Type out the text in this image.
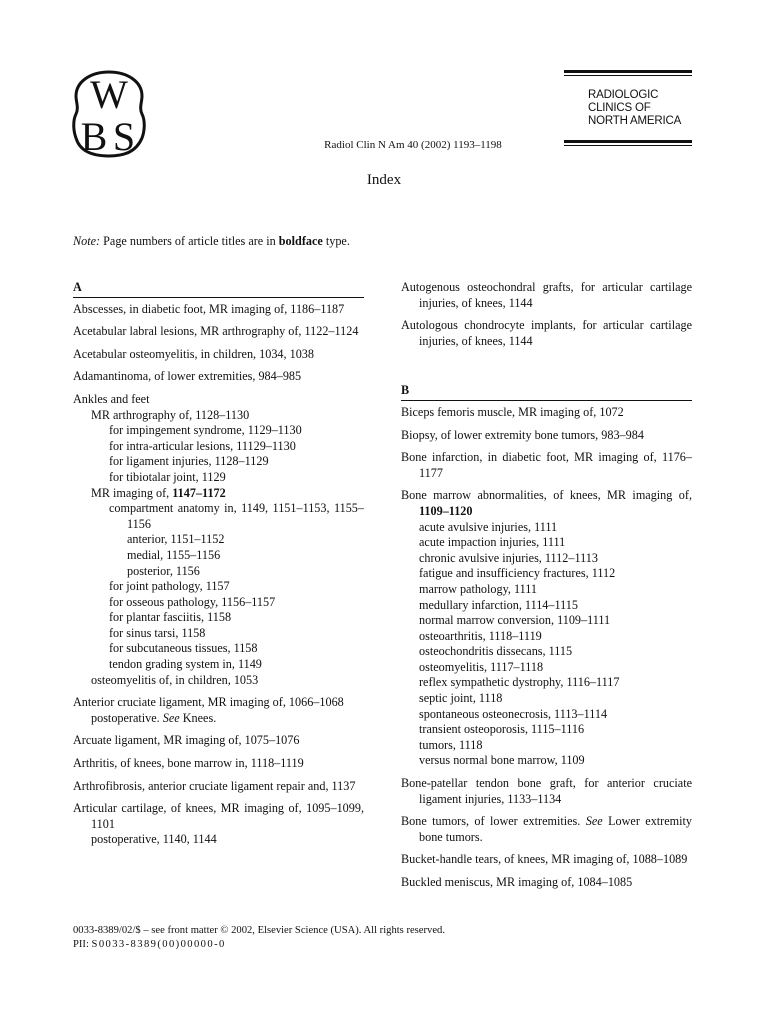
W
B S
RADIOLOGIC
CLINICS OF
NORTH AMERICA
Radiol Clin N Am 40 (2002) 1193–1198
Index
Note: Page numbers of article titles are in boldface type.
A
Abscesses, in diabetic foot, MR imaging of, 1186–1187
Acetabular labral lesions, MR arthrography of, 1122–1124
Acetabular osteomyelitis, in children, 1034, 1038
Adamantinoma, of lower extremities, 984–985
Ankles and feet
MR arthrography of, 1128–1130
for impingement syndrome, 1129–1130
for intra-articular lesions, 11129–1130
for ligament injuries, 1128–1129
for tibiotalar joint, 1129
MR imaging of, 1147–1172
compartment anatomy in, 1149, 1151–1153, 1155–1156
anterior, 1151–1152
medial, 1155–1156
posterior, 1156
for joint pathology, 1157
for osseous pathology, 1156–1157
for plantar fasciitis, 1158
for sinus tarsi, 1158
for subcutaneous tissues, 1158
tendon grading system in, 1149
osteomyelitis of, in children, 1053
Anterior cruciate ligament, MR imaging of, 1066–1068
postoperative. See Knees.
Arcuate ligament, MR imaging of, 1075–1076
Arthritis, of knees, bone marrow in, 1118–1119
Arthrofibrosis, anterior cruciate ligament repair and, 1137
Articular cartilage, of knees, MR imaging of, 1095–1099, 1101
postoperative, 1140, 1144
Autogenous osteochondral grafts, for articular cartilage injuries, of knees, 1144
Autologous chondrocyte implants, for articular cartilage injuries, of knees, 1144
B
Biceps femoris muscle, MR imaging of, 1072
Biopsy, of lower extremity bone tumors, 983–984
Bone infarction, in diabetic foot, MR imaging of, 1176–1177
Bone marrow abnormalities, of knees, MR imaging of, 1109–1120
acute avulsive injuries, 1111
acute impaction injuries, 1111
chronic avulsive injuries, 1112–1113
fatigue and insufficiency fractures, 1112
marrow pathology, 1111
medullary infarction, 1114–1115
normal marrow conversion, 1109–1111
osteoarthritis, 1118–1119
osteochondritis dissecans, 1115
osteomyelitis, 1117–1118
reflex sympathetic dystrophy, 1116–1117
septic joint, 1118
spontaneous osteonecrosis, 1113–1114
transient osteoporosis, 1115–1116
tumors, 1118
versus normal bone marrow, 1109
Bone-patellar tendon bone graft, for anterior cruciate ligament injuries, 1133–1134
Bone tumors, of lower extremities. See Lower extremity bone tumors.
Bucket-handle tears, of knees, MR imaging of, 1088–1089
Buckled meniscus, MR imaging of, 1084–1085
0033-8389/02/$ – see front matter © 2002, Elsevier Science (USA). All rights reserved.
PII: S0033-8389(00)00000-0
